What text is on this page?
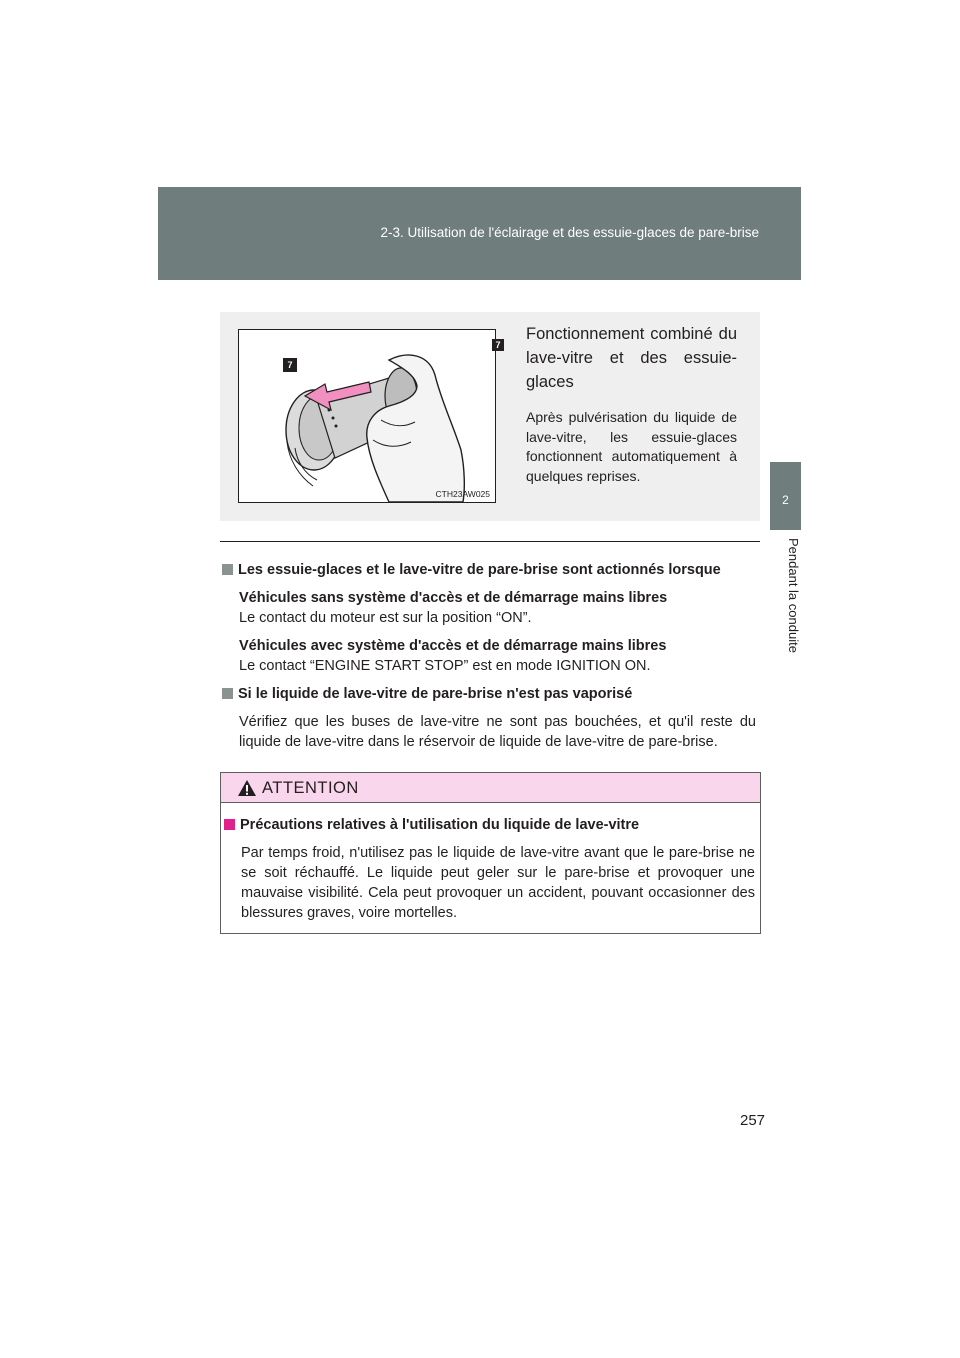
2-3. Utilisation de l'éclairage et des essuie-glaces de pare-brise
2
Pendant la conduite
7
CTH23AW025
7
Fonctionnement combiné du lave-vitre et des essuie-glaces
Après pulvérisation du liquide de lave-vitre, les essuie-glaces fonctionnent automatiquement à quelques reprises.
Les essuie-glaces et le lave-vitre de pare-brise sont actionnés lorsque
Véhicules sans système d'accès et de démarrage mains libres
Le contact du moteur est sur la position “ON”.
Véhicules avec système d'accès et de démarrage mains libres
Le contact “ENGINE START STOP” est en mode IGNITION ON.
Si le liquide de lave-vitre de pare-brise n'est pas vaporisé
Vérifiez que les buses de lave-vitre ne sont pas bouchées, et qu'il reste du liquide de lave-vitre dans le réservoir de liquide de lave-vitre de pare-brise.
ATTENTION
Précautions relatives à l'utilisation du liquide de lave-vitre
Par temps froid, n'utilisez pas le liquide de lave-vitre avant que le pare-brise ne se soit réchauffé. Le liquide peut geler sur le pare-brise et provoquer une mauvaise visibilité. Cela peut provoquer un accident, pouvant occasionner des blessures graves, voire mortelles.
257
